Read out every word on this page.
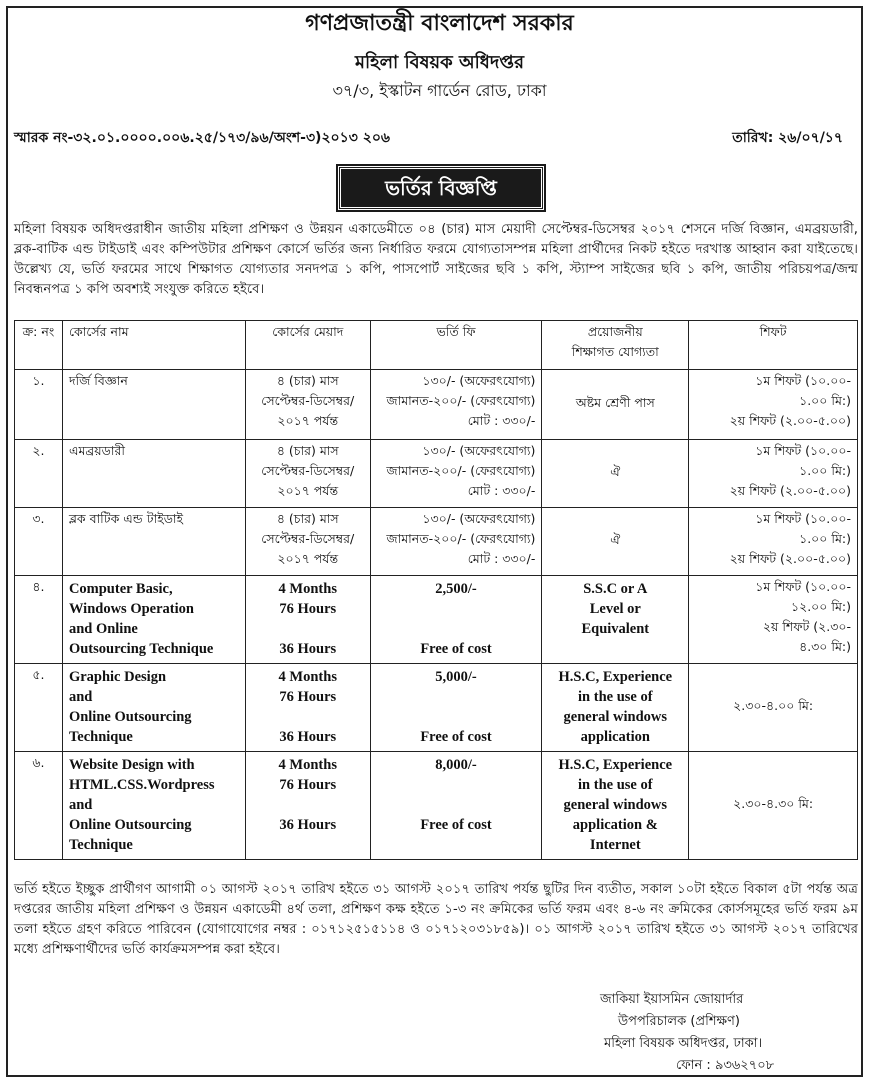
গণপ্রজাতন্ত্রী বাংলাদেশ সরকার
মহিলা বিষয়ক অধিদপ্তর
৩৭/৩, ইস্কাটন গার্ডেন রোড, ঢাকা
স্মারক নং-৩২.০১.০০০০.০০৬.২৫/১৭৩/৯৬/অংশ-৩)২০১৩ ২০৬	তারিখ: ২৬/০৭/১৭
ভর্তির বিজ্ঞপ্তি
মহিলা বিষয়ক অধিদপ্তরাধীন জাতীয় মহিলা প্রশিক্ষণ ও উন্নয়ন একাডেমীতে ০৪ (চার) মাস মেয়াদী সেপ্টেম্বর-ডিসেম্বর ২০১৭ শেসনে দর্জি বিজ্ঞান, এমব্রয়ডারী, ব্লক-বাটিক এন্ড টাইডাই এবং কম্পিউটার প্রশিক্ষণ কোর্সে ভর্তির জন্য নির্ধারিত ফরমে যোগ্যতাসম্পন্ন মহিলা প্রার্থীদের নিকট হইতে দরখাস্ত আহ্বান করা যাইতেছে। উল্লেখ্য যে, ভর্তি ফরমের সাথে শিক্ষাগত যোগ্যতার সনদপত্র ১ কপি, পাসপোর্ট সাইজের ছবি ১ কপি, স্ট্যাম্প সাইজের ছবি ১ কপি, জাতীয় পরিচয়পত্র/জন্ম নিবন্ধনপত্র ১ কপি অবশ্যই সংযুক্ত করিতে হইবে।
ক্র: নং	কোর্সের নাম	কোর্সের মেয়াদ	ভর্তি ফি	প্রয়োজনীয়
শিক্ষাগত যোগ্যতা	শিফট
১.	দর্জি বিজ্ঞান	৪ (চার) মাস
সেপ্টেম্বর-ডিসেম্বর/
২০১৭ পর্যন্ত	১৩০/- (অফেরৎযোগ্য)
জামানত-২০০/- (ফেরৎযোগ্য)
মোট : ৩৩০/-	অষ্টম শ্রেণী পাস	১ম শিফট (১০.০০-
১.০০ মি:)
২য় শিফট (২.০০-৫.০০)

২.	এমব্রয়ডারী	৪ (চার) মাস
সেপ্টেম্বর-ডিসেম্বর/
২০১৭ পর্যন্ত	১৩০/- (অফেরৎযোগ্য)
জামানত-২০০/- (ফেরৎযোগ্য)
মোট : ৩৩০/-	ঐ	১ম শিফট (১০.০০-
১.০০ মি:)
২য় শিফট (২.০০-৫.০০)

৩.	ব্লক বাটিক এন্ড টাইডাই	৪ (চার) মাস
সেপ্টেম্বর-ডিসেম্বর/
২০১৭ পর্যন্ত	১৩০/- (অফেরৎযোগ্য)
জামানত-২০০/- (ফেরৎযোগ্য)
মোট : ৩৩০/-	ঐ	১ম শিফট (১০.০০-
১.০০ মি:)
২য় শিফট (২.০০-৫.০০)

৪.	Computer Basic,
Windows Operation
and Online
Outsourcing Technique	4 Months
76 Hours

36 Hours	2,500/-

Free of cost	S.S.C or A
Level or
Equivalent	১ম শিফট (১০.০০-
১২.০০ মি:)
২য় শিফট (২.৩০-
৪.৩০ মি:)

৫.	Graphic Design
and
Online Outsourcing
Technique	4 Months
76 Hours

36 Hours	5,000/-

Free of cost	H.S.C, Experience
in the use of
general windows
application	২.৩০-৪.০০ মি:

৬.	Website Design with
HTML.CSS.Wordpress
and
Online Outsourcing
Technique	4 Months
76 Hours

36 Hours	8,000/-

Free of cost	H.S.C, Experience
in the use of
general windows
application &
Internet	২.৩০-৪.৩০ মি:
ভর্তি হইতে ইচ্ছুক প্রার্থীগণ আগামী ০১ আগস্ট ২০১৭ তারিখ হইতে ৩১ আগস্ট ২০১৭ তারিখ পর্যন্ত ছুটির দিন ব্যতীত, সকাল ১০টা হইতে বিকাল ৫টা পর্যন্ত অত্র দপ্তরের জাতীয় মহিলা প্রশিক্ষণ ও উন্নয়ন একাডেমী ৪র্থ তলা, প্রশিক্ষণ কক্ষ হইতে ১-৩ নং ক্রমিকের ভর্তি ফরম এবং ৪-৬ নং ক্রমিকের কোর্সসমূহের ভর্তি ফরম ৯ম তলা হইতে গ্রহণ করিতে পারিবেন (যোগাযোগের নম্বর : ০১৭১২৫১৫১১৪ ও ০১৭১২০৩১৮৫৯)। ০১ আগস্ট ২০১৭ তারিখ হইতে ৩১ আগস্ট ২০১৭ তারিখের মধ্যে প্রশিক্ষণার্থীদের ভর্তি কার্যক্রমসম্পন্ন করা হইবে।
জাকিয়া ইয়াসমিন জোয়ার্দার
উপপরিচালক (প্রশিক্ষণ)
মহিলা বিষয়ক অধিদপ্তর, ঢাকা।
ফোন : ৯৩৬২৭০৮
